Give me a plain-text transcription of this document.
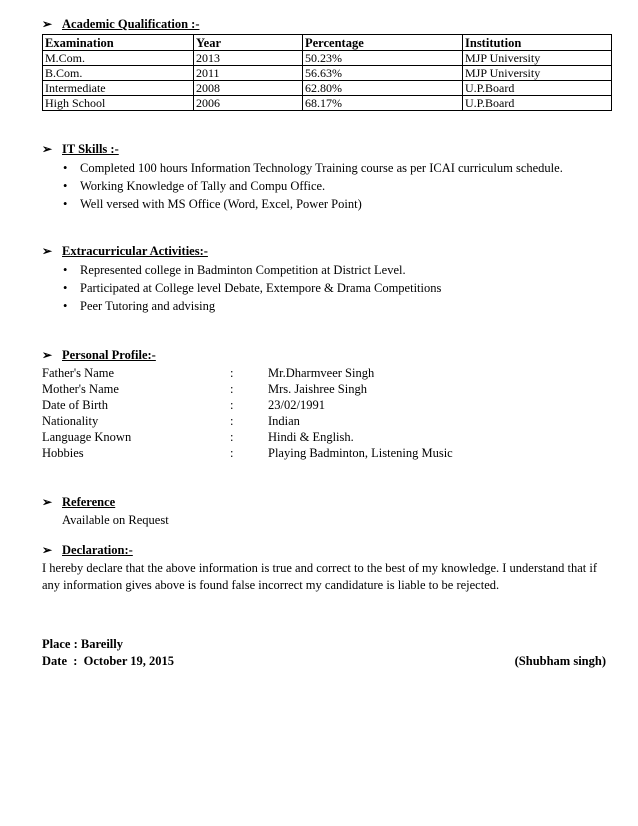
➢ Academic Qualification :-
Examination	Year	Percentage	Institution
M.Com.	2013	50.23%	MJP University
B.Com.	2011	56.63%	MJP University
Intermediate	2008	62.80%	U.P.Board
High School	2006	68.17%	U.P.Board
➢ IT Skills :-
• Completed 100 hours Information Technology Training course as per ICAI curriculum schedule.
• Working Knowledge of Tally and Compu Office.
• Well versed with MS Office (Word, Excel, Power Point)
➢ Extracurricular Activities:-
• Represented college in Badminton Competition at District Level.
• Participated at College level Debate, Extempore & Drama Competitions
• Peer Tutoring and advising
➢ Personal Profile:-
Father's Name	:	Mr.Dharmveer Singh
Mother's Name	:	Mrs. Jaishree Singh
Date of Birth	:	23/02/1991
Nationality	:	Indian
Language Known	:	Hindi & English.
Hobbies	:	Playing Badminton, Listening Music
➢ Reference
Available on Request
➢ Declaration:-
I hereby declare that the above information is true and correct to the best of my knowledge. I understand that if any information gives above is found false incorrect my candidature is liable to be rejected.
Place : Bareilly
Date  :  October 19, 2015	(Shubham singh)
